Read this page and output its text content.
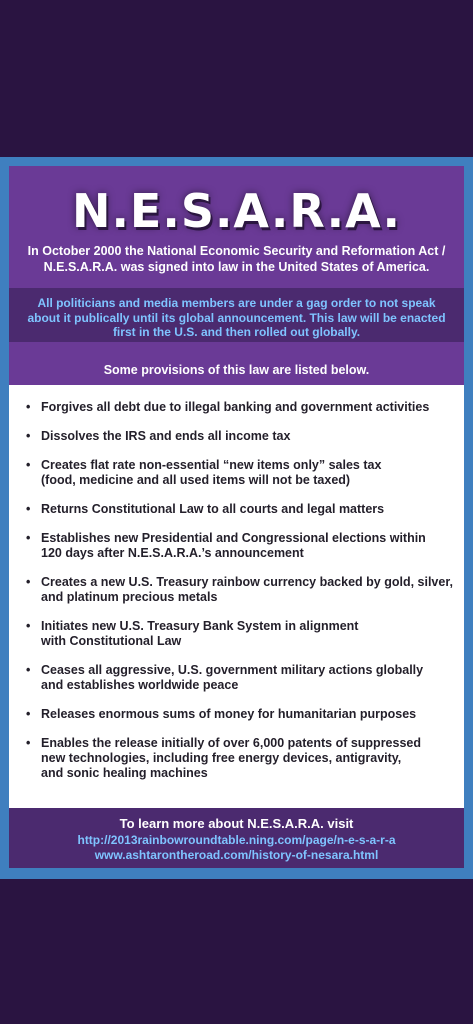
N.E.S.A.R.A.
In October 2000 the National Economic Security and Reformation Act / N.E.S.A.R.A. was signed into law in the United States of America.
All politicians and media members are under a gag order to not speak about it publically until its global announcement. This law will be enacted first in the U.S. and then rolled out globally.
Some provisions of this law are listed below.
• Forgives all debt due to illegal banking and government activities
• Dissolves the IRS and ends all income tax
• Creates flat rate non-essential “new items only” sales tax
(food, medicine and all used items will not be taxed)
• Returns Constitutional Law to all courts and legal matters
• Establishes new Presidential and Congressional elections within
120 days after N.E.S.A.R.A.’s announcement
• Creates a new U.S. Treasury rainbow currency backed by gold, silver,
and platinum precious metals
• Initiates new U.S. Treasury Bank System in alignment
with Constitutional Law
• Ceases all aggressive, U.S. government military actions globally
and establishes worldwide peace
• Releases enormous sums of money for humanitarian purposes
• Enables the release initially of over 6,000 patents of suppressed
new technologies, including free energy devices, antigravity,
and sonic healing machines
To learn more about N.E.S.A.R.A. visit
http://2013rainbowroundtable.ning.com/page/n-e-s-a-r-a
www.ashtarontheroad.com/history-of-nesara.html
